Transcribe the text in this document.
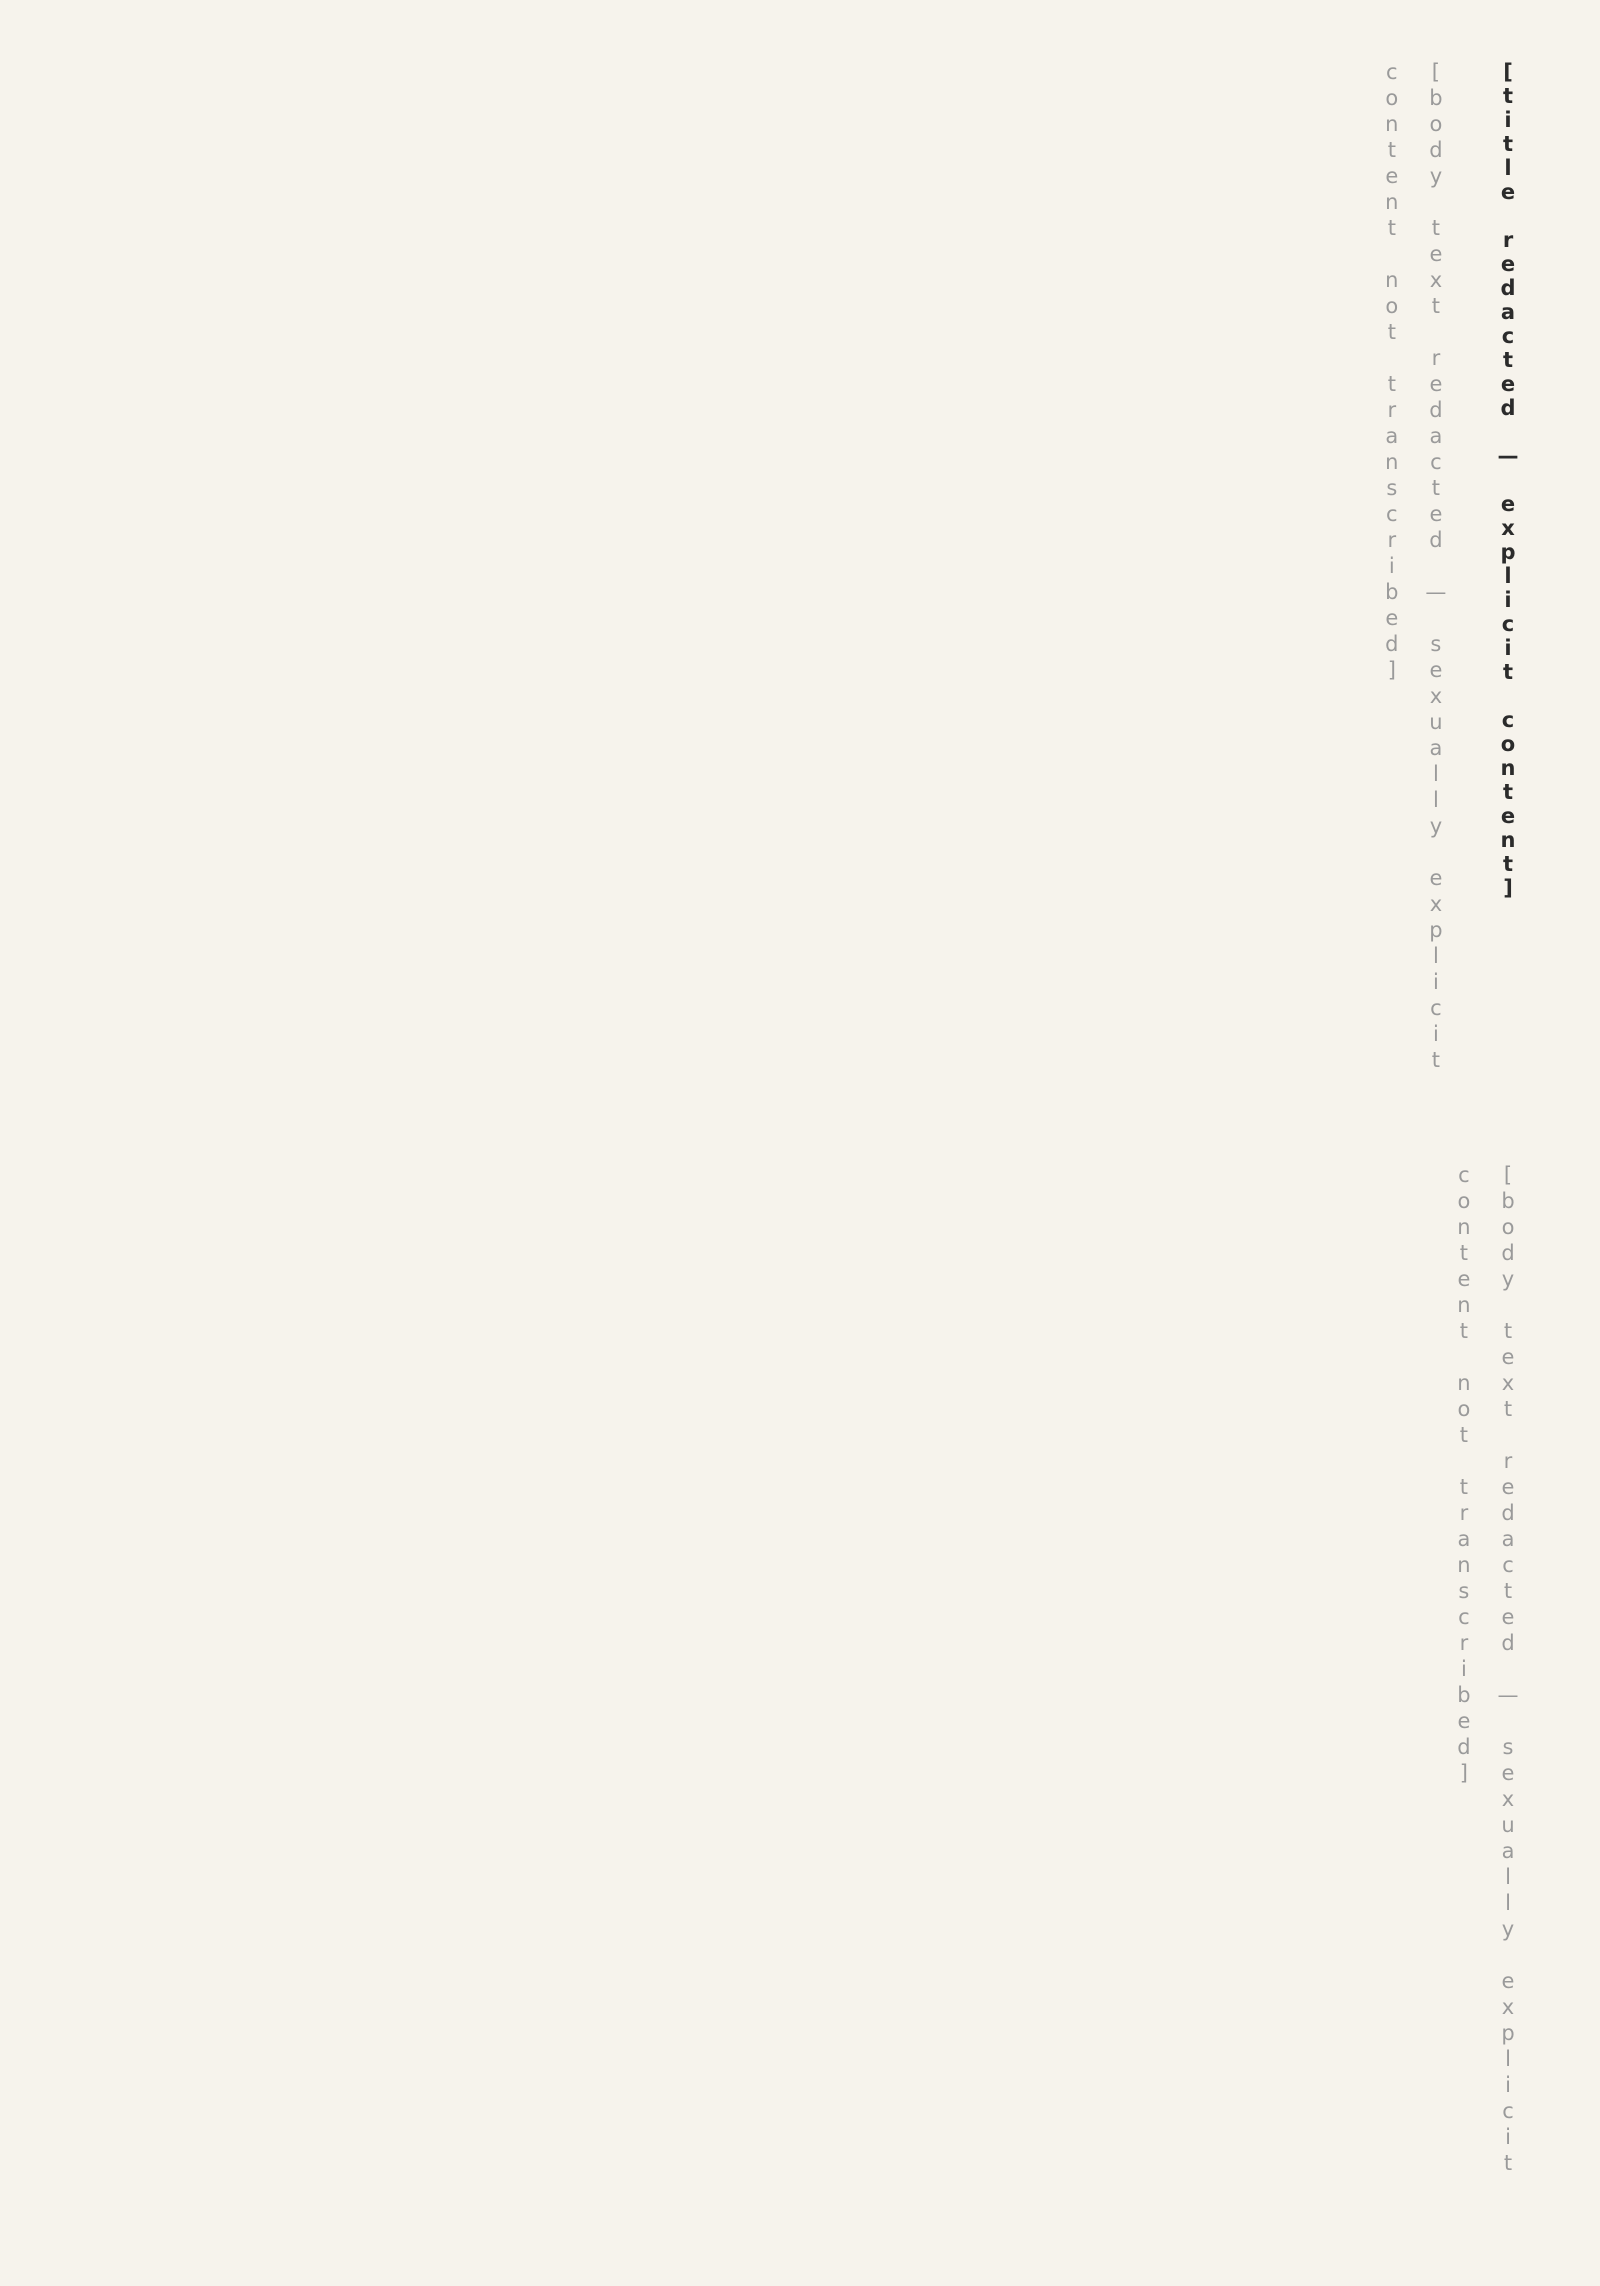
[title redacted — explicit content]
[body text redacted — sexually explicit content not transcribed]
[body text redacted — sexually explicit content not transcribed]
